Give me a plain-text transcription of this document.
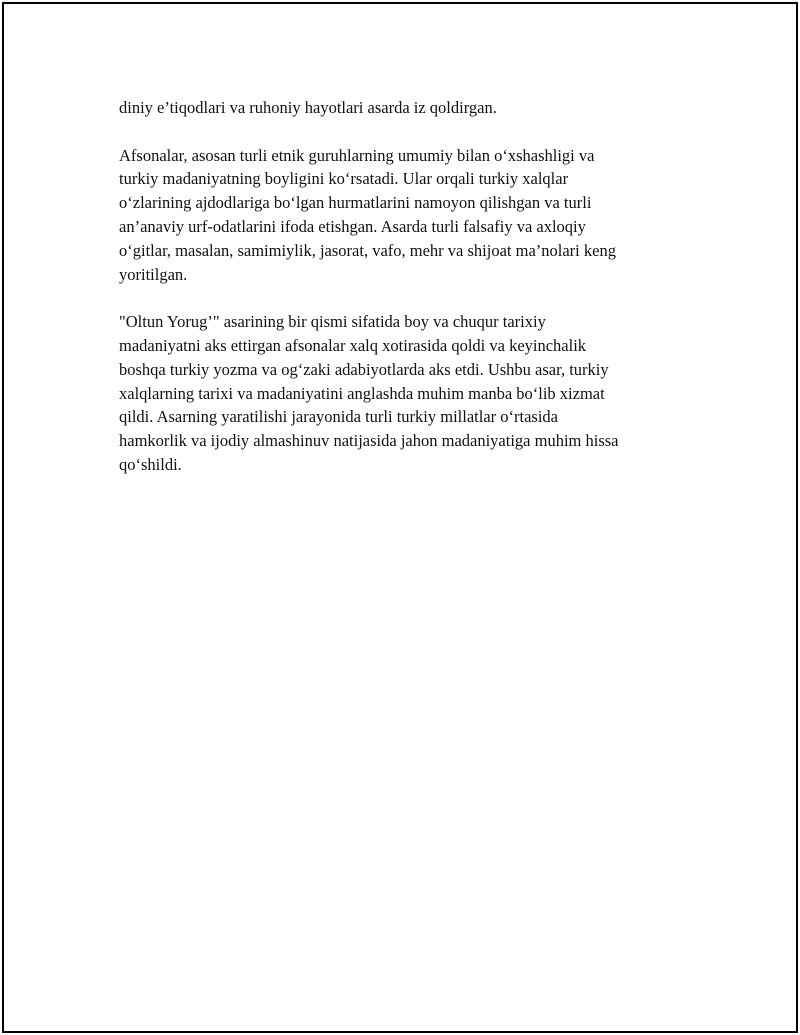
diniy e’tiqodlari va ruhoniy hayotlari asarda iz qoldirgan.

Afsonalar, asosan turli etnik guruhlarning umumiy bilan o‘xshashligi va
turkiy madaniyatning boyligini ko‘rsatadi. Ular orqali turkiy xalqlar
o‘zlarining ajdodlariga bo‘lgan hurmatlarini namoyon qilishgan va turli
an’anaviy urf-odatlarini ifoda etishgan. Asarda turli falsafiy va axloqiy
o‘gitlar, masalan, samimiylik, jasorat, vafo, mehr va shijoat ma’nolari keng
yoritilgan.

"Oltun Yorug’" asarining bir qismi sifatida boy va chuqur tarixiy
madaniyatni aks ettirgan afsonalar xalq xotirasida qoldi va keyinchalik
boshqa turkiy yozma va og‘zaki adabiyotlarda aks etdi. Ushbu asar, turkiy
xalqlarning tarixi va madaniyatini anglashda muhim manba bo‘lib xizmat
qildi. Asarning yaratilishi jarayonida turli turkiy millatlar o‘rtasida
hamkorlik va ijodiy almashinuv natijasida jahon madaniyatiga muhim hissa
qo‘shildi.
